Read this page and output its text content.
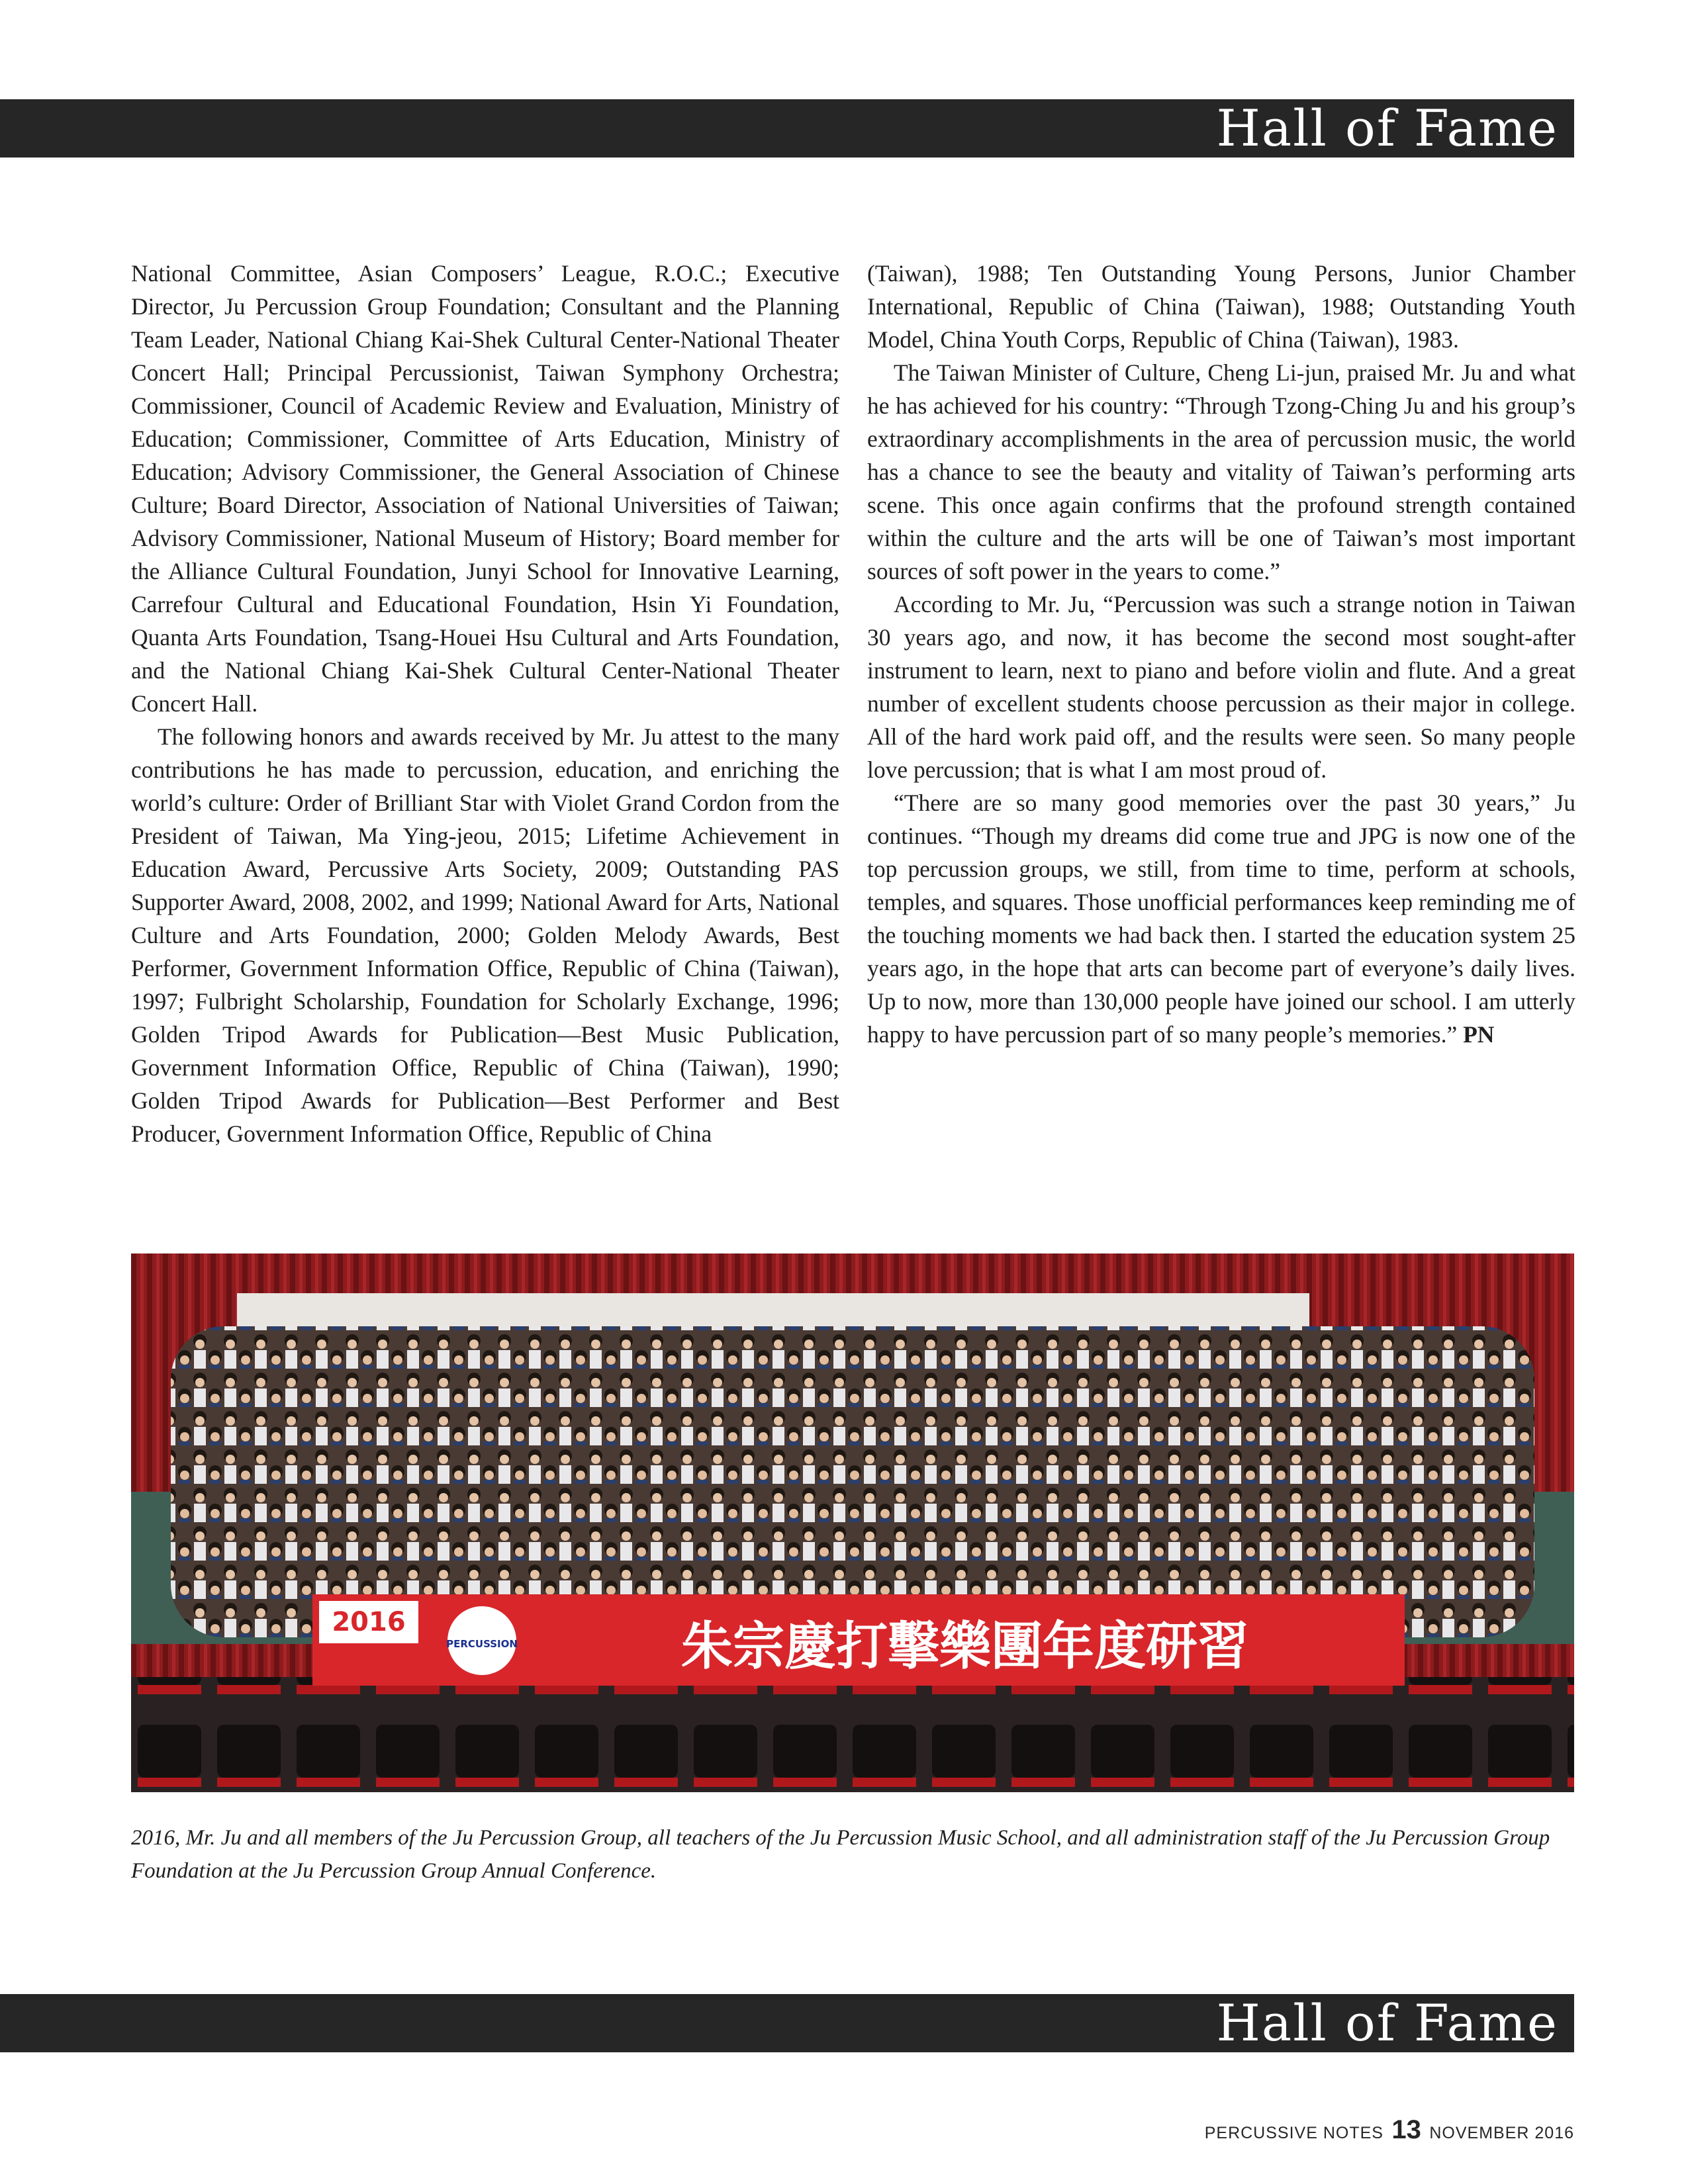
Hall of Fame

National Committee, Asian Composers’ League, R.O.C.; Executive Director, Ju Percussion Group Foundation; Consultant and the Planning Team Leader, National Chiang Kai-Shek Cultural Center-National Theater Concert Hall; Principal Percussionist, Taiwan Symphony Orchestra; Commissioner, Council of Academic Review and Evaluation, Ministry of Education; Commissioner, Committee of Arts Education, Ministry of Education; Advisory Commissioner, the General Association of Chinese Culture; Board Director, Association of National Universities of Taiwan; Advisory Commissioner, National Museum of History; Board member for the Alliance Cultural Foundation, Junyi School for Innovative Learning, Carrefour Cultural and Educational Foundation, Hsin Yi Foundation, Quanta Arts Foundation, Tsang-Houei Hsu Cultural and Arts Foundation, and the National Chiang Kai-Shek Cultural Center-National Theater Concert Hall.

The following honors and awards received by Mr. Ju attest to the many contributions he has made to percussion, education, and enriching the world’s culture: Order of Brilliant Star with Violet Grand Cordon from the President of Taiwan, Ma Ying-jeou, 2015; Lifetime Achievement in Education Award, Percussive Arts Society, 2009; Outstanding PAS Supporter Award, 2008, 2002, and 1999; National Award for Arts, National Culture and Arts Foundation, 2000; Golden Melody Awards, Best Performer, Government Information Office, Republic of China (Taiwan), 1997; Fulbright Scholarship, Foundation for Scholarly Exchange, 1996; Golden Tripod Awards for Publication—Best Music Publication, Government Information Office, Republic of China (Taiwan), 1990; Golden Tripod Awards for Publication—Best Performer and Best Producer, Government Information Office, Republic of China

(Taiwan), 1988; Ten Outstanding Young Persons, Junior Chamber International, Republic of China (Taiwan), 1988; Outstanding Youth Model, China Youth Corps, Republic of China (Taiwan), 1983.

The Taiwan Minister of Culture, Cheng Li-jun, praised Mr. Ju and what he has achieved for his country: “Through Tzong-Ching Ju and his group’s extraordinary accomplishments in the area of percussion music, the world has a chance to see the beauty and vitality of Taiwan’s performing arts scene. This once again confirms that the profound strength contained within the culture and the arts will be one of Taiwan’s most important sources of soft power in the years to come.”

According to Mr. Ju, “Percussion was such a strange notion in Taiwan 30 years ago, and now, it has become the second most sought-after instrument to learn, next to piano and before violin and flute. And a great number of excellent students choose percussion as their major in college. All of the hard work paid off, and the results were seen. So many people love percussion; that is what I am most proud of.

“There are so many good memories over the past 30 years,” Ju continues. “Though my dreams did come true and JPG is now one of the top percussion groups, we still, from time to time, perform at schools, temples, and squares. Those unofficial performances keep reminding me of the touching moments we had back then. I started the education system 25 years ago, in the hope that arts can become part of everyone’s daily lives. Up to now, more than 130,000 people have joined our school. I am utterly happy to have percussion part of so many people’s memories.” PN

2016
PERCUSSION	朱宗慶打擊樂團年度研習

2016, Mr. Ju and all members of the Ju Percussion Group, all teachers of the Ju Percussion Music School, and all administration staff of the Ju Percussion Group Foundation at the Ju Percussion Group Annual Conference.

Hall of Fame
PERCUSSIVE NOTES 13 NOVEMBER 2016
